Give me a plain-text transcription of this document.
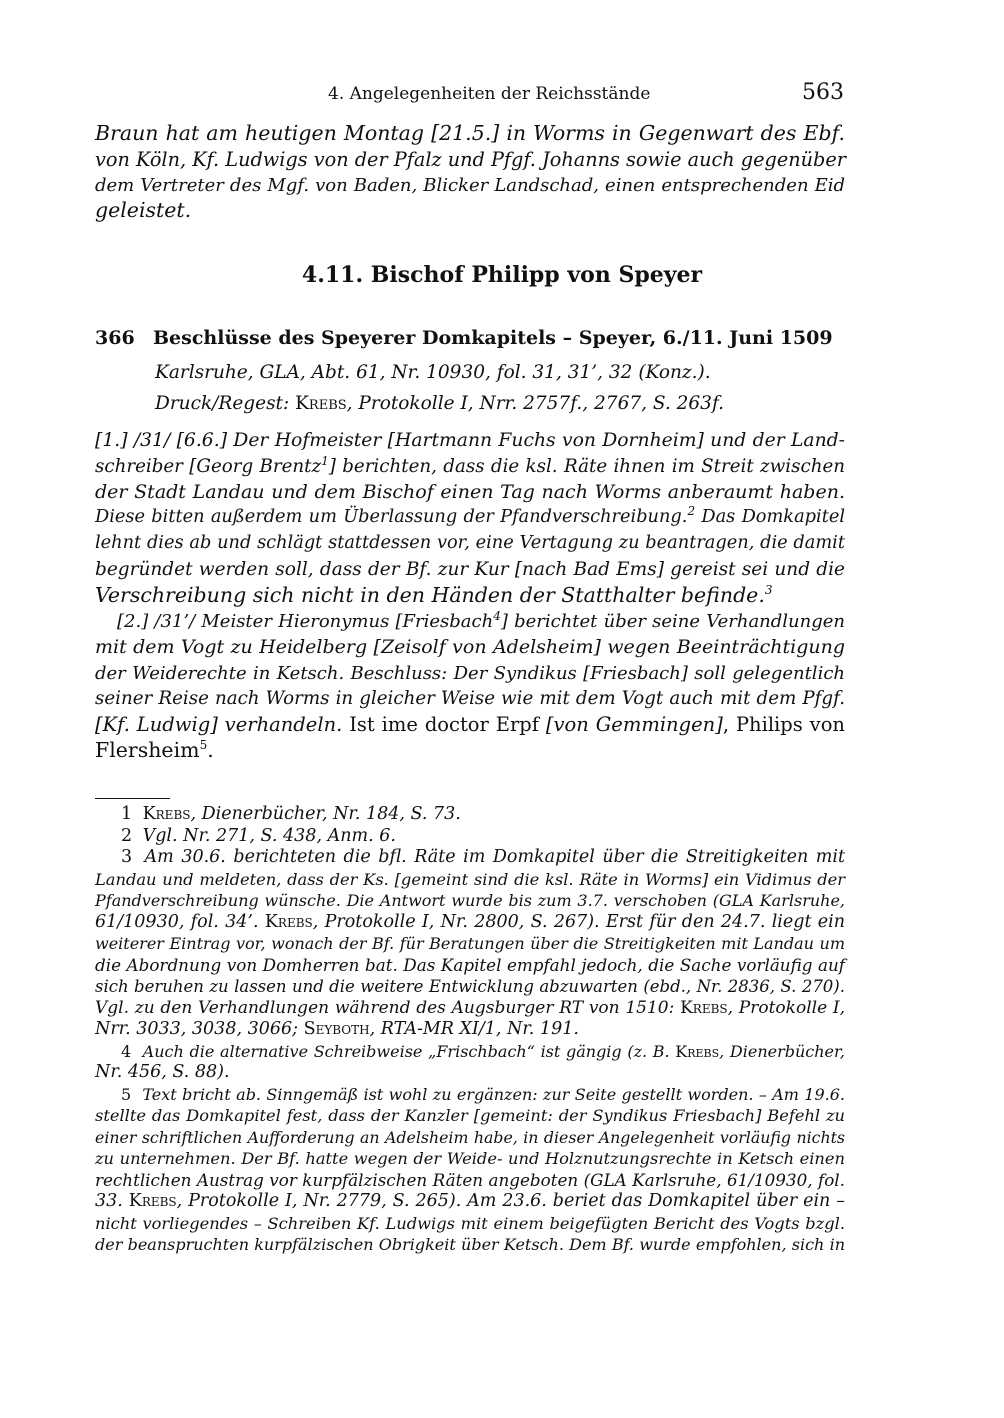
4. Angelegenheiten der Reichsstände	563
Braun hat am heutigen Montag [21.5.] in Worms in Gegenwart des Ebf.
von Köln, Kf. Ludwigs von der Pfalz und Pfgf. Johanns sowie auch gegenüber
dem Vertreter des Mgf. von Baden, Blicker Landschad, einen entsprechenden Eid
geleistet.
4.11. Bischof Philipp von Speyer
366 Beschlüsse des Speyerer Domkapitels – Speyer, 6./11. Juni 1509
Karlsruhe, GLA, Abt. 61, Nr. 10930, fol. 31, 31’, 32 (Konz.).
Druck/Regest: Krebs, Protokolle I, Nrr. 2757f., 2767, S. 263f.
[1.] /31/ [6.6.] Der Hofmeister [Hartmann Fuchs von Dornheim] und der Land-
schreiber [Georg Brentz$^1$] berichten, dass die ksl. Räte ihnen im Streit zwischen
der Stadt Landau und dem Bischof einen Tag nach Worms anberaumt haben.
Diese bitten außerdem um Überlassung der Pfandverschreibung.$^2$ Das Domkapitel
lehnt dies ab und schlägt stattdessen vor, eine Vertagung zu beantragen, die damit
begründet werden soll, dass der Bf. zur Kur [nach Bad Ems] gereist sei und die
Verschreibung sich nicht in den Händen der Statthalter befinde.$^3$
[2.] /31’/ Meister Hieronymus [Friesbach$^4$] berichtet über seine Verhandlungen
mit dem Vogt zu Heidelberg [Zeisolf von Adelsheim] wegen Beeinträchtigung
der Weiderechte in Ketsch. Beschluss: Der Syndikus [Friesbach] soll gelegentlich
seiner Reise nach Worms in gleicher Weise wie mit dem Vogt auch mit dem Pfgf.
[Kf. Ludwig] verhandeln. Ist ime doctor Erpf [von Gemmingen], Philips von
Flersheim$^5$.
1 Krebs, Dienerbücher, Nr. 184, S. 73.
2 Vgl. Nr. 271, S. 438, Anm. 6.
3 Am 30.6. berichteten die bfl. Räte im Domkapitel über die Streitigkeiten mit
Landau und meldeten, dass der Ks. [gemeint sind die ksl. Räte in Worms] ein Vidimus der
Pfandverschreibung wünsche. Die Antwort wurde bis zum 3.7. verschoben (GLA Karlsruhe,
61/10930, fol. 34’. Krebs, Protokolle I, Nr. 2800, S. 267). Erst für den 24.7. liegt ein
weiterer Eintrag vor, wonach der Bf. für Beratungen über die Streitigkeiten mit Landau um
die Abordnung von Domherren bat. Das Kapitel empfahl jedoch, die Sache vorläufig auf
sich beruhen zu lassen und die weitere Entwicklung abzuwarten (ebd., Nr. 2836, S. 270).
Vgl. zu den Verhandlungen während des Augsburger RT von 1510: Krebs, Protokolle I,
Nrr. 3033, 3038, 3066; Seyboth, RTA-MR XI/1, Nr. 191.
4 Auch die alternative Schreibweise „Frischbach“ ist gängig (z. B. Krebs, Dienerbücher,
Nr. 456, S. 88).
5 Text bricht ab. Sinngemäß ist wohl zu ergänzen: zur Seite gestellt worden. – Am 19.6.
stellte das Domkapitel fest, dass der Kanzler [gemeint: der Syndikus Friesbach] Befehl zu
einer schriftlichen Aufforderung an Adelsheim habe, in dieser Angelegenheit vorläufig nichts
zu unternehmen. Der Bf. hatte wegen der Weide- und Holznutzungsrechte in Ketsch einen
rechtlichen Austrag vor kurpfälzischen Räten angeboten (GLA Karlsruhe, 61/10930, fol.
33. Krebs, Protokolle I, Nr. 2779, S. 265). Am 23.6. beriet das Domkapitel über ein –
nicht vorliegendes – Schreiben Kf. Ludwigs mit einem beigefügten Bericht des Vogts bzgl.
der beanspruchten kurpfälzischen Obrigkeit über Ketsch. Dem Bf. wurde empfohlen, sich in
